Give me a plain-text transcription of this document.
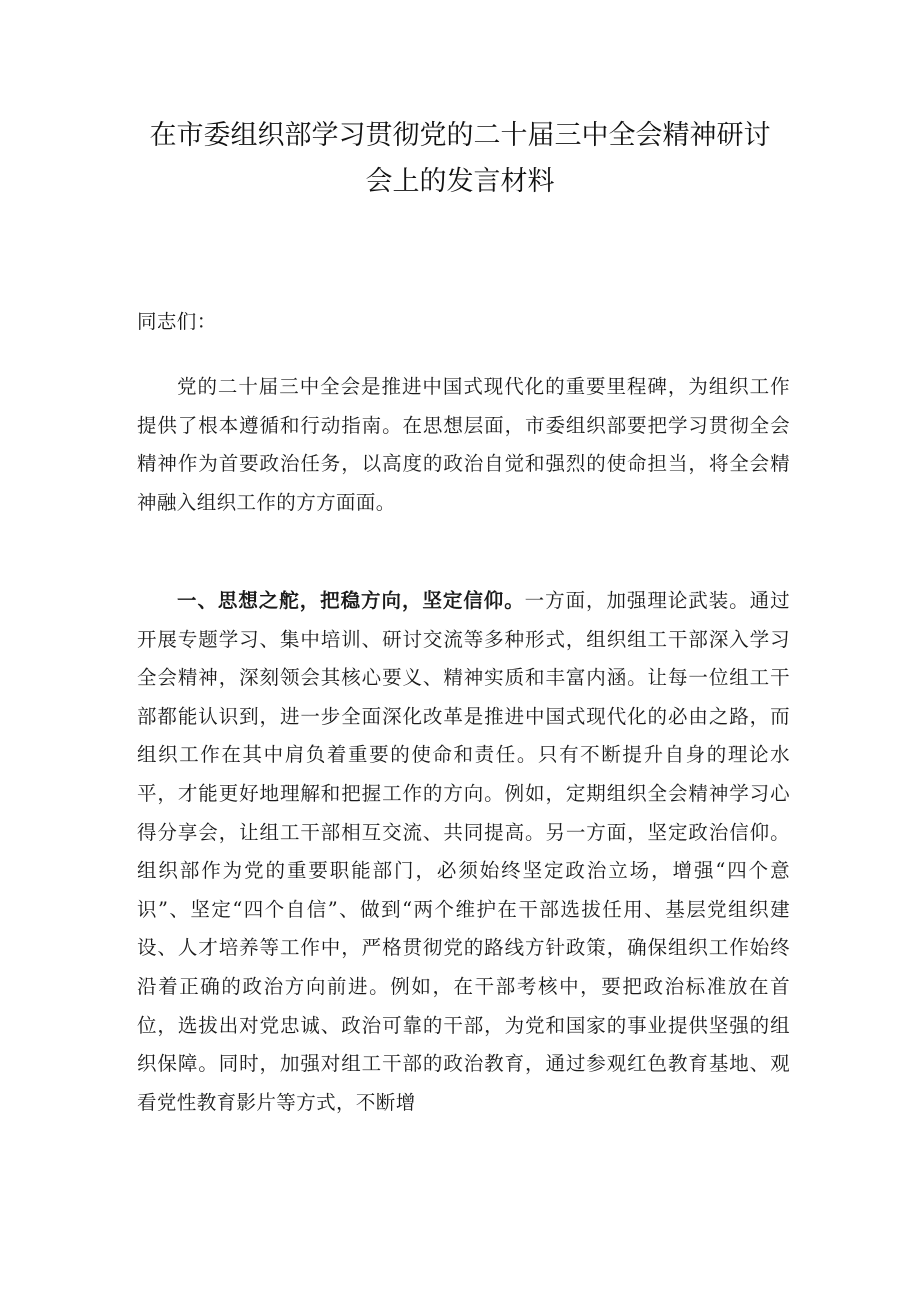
在市委组织部学习贯彻党的二十届三中全会精神研讨
会上的发言材料

同志们：

党的二十届三中全会是推进中国式现代化的重要里程碑，为组织工作提供了根本遵循和行动指南。在思想层面，市委组织部要把学习贯彻全会精神作为首要政治任务，以高度的政治自觉和强烈的使命担当，将全会精神融入组织工作的方方面面。

一、思想之舵，把稳方向，坚定信仰。一方面，加强理论武装。通过开展专题学习、集中培训、研讨交流等多种形式，组织组工干部深入学习全会精神，深刻领会其核心要义、精神实质和丰富内涵。让每一位组工干部都能认识到，进一步全面深化改革是推进中国式现代化的必由之路，而组织工作在其中肩负着重要的使命和责任。只有不断提升自身的理论水平，才能更好地理解和把握工作的方向。例如，定期组织全会精神学习心得分享会，让组工干部相互交流、共同提高。另一方面，坚定政治信仰。组织部作为党的重要职能部门，必须始终坚定政治立场，增强“四个意识”、坚定“四个自信”、做到“两个维护在干部选拔任用、基层党组织建设、人才培养等工作中，严格贯彻党的路线方针政策，确保组织工作始终沿着正确的政治方向前进。例如，在干部考核中，要把政治标准放在首位，选拔出对党忠诚、政治可靠的干部，为党和国家的事业提供坚强的组织保障。同时，加强对组工干部的政治教育，通过参观红色教育基地、观看党性教育影片等方式，不断增
